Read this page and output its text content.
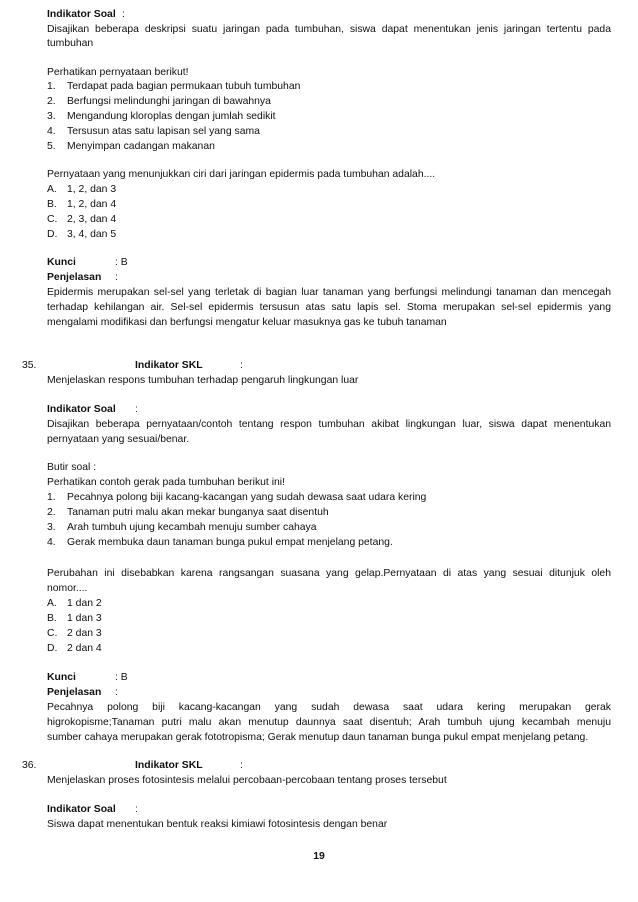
Indikator Soal :
Disajikan beberapa deskripsi suatu jaringan pada tumbuhan, siswa dapat menentukan jenis jaringan tertentu pada
tumbuhan
Perhatikan pernyataan berikut!
1.	Terdapat pada bagian permukaan tubuh tumbuhan
2.	Berfungsi melindunghi jaringan di bawahnya
3.	Mengandung kloroplas dengan jumlah sedikit
4.	Tersusun atas satu lapisan sel yang sama
5.	Menyimpan cadangan makanan
Pernyataan yang menunjukkan ciri dari jaringan epidermis pada tumbuhan adalah....
A. 1, 2, dan 3
B. 1, 2, dan 4
C. 2, 3, dan 4
D. 3, 4, dan 5
Kunci	: B
Penjelasan :
Epidermis merupakan sel-sel yang terletak di bagian luar tanaman yang berfungsi melindungi tanaman dan mencegah
terhadap kehilangan air. Sel-sel epidermis tersusun atas satu lapis sel. Stoma merupakan sel-sel epidermis yang
mengalami modifikasi dan berfungsi mengatur keluar masuknya gas ke tubuh tanaman
35.	Indikator SKL	:
Menjelaskan respons tumbuhan terhadap pengaruh lingkungan luar
Indikator Soal :
Disajikan beberapa pernyataan/contoh tentang respon tumbuhan akibat lingkungan luar, siswa dapat menentukan
pernyataan yang sesuai/benar.
Butir soal :
Perhatikan contoh gerak pada tumbuhan berikut ini!
1.	Pecahnya polong biji kacang-kacangan yang sudah dewasa saat udara kering
2.	Tanaman putri malu akan mekar bunganya saat disentuh
3.	Arah tumbuh ujung kecambah menuju sumber cahaya
4.	Gerak membuka daun tanaman bunga pukul empat menjelang petang.
Perubahan ini disebabkan karena rangsangan suasana yang gelap.Pernyataan di atas yang sesuai ditunjuk oleh
nomor....
A. 1 dan 2
B. 1 dan 3
C. 2 dan 3
D. 2 dan 4
Kunci	: B
Penjelasan :
Pecahnya polong biji kacang-kacangan yang sudah dewasa saat udara kering merupakan gerak
higrokopisme;Tanaman putri malu akan menutup daunnya saat disentuh; Arah tumbuh ujung kecambah menuju
sumber cahaya merupakan gerak fototropisma; Gerak menutup daun tanaman bunga pukul empat menjelang petang.
36.	Indikator SKL	:
Menjelaskan proses fotosintesis melalui percobaan-percobaan tentang proses tersebut
Indikator Soal :
Siswa dapat menentukan bentuk reaksi kimiawi fotosintesis dengan benar
19
